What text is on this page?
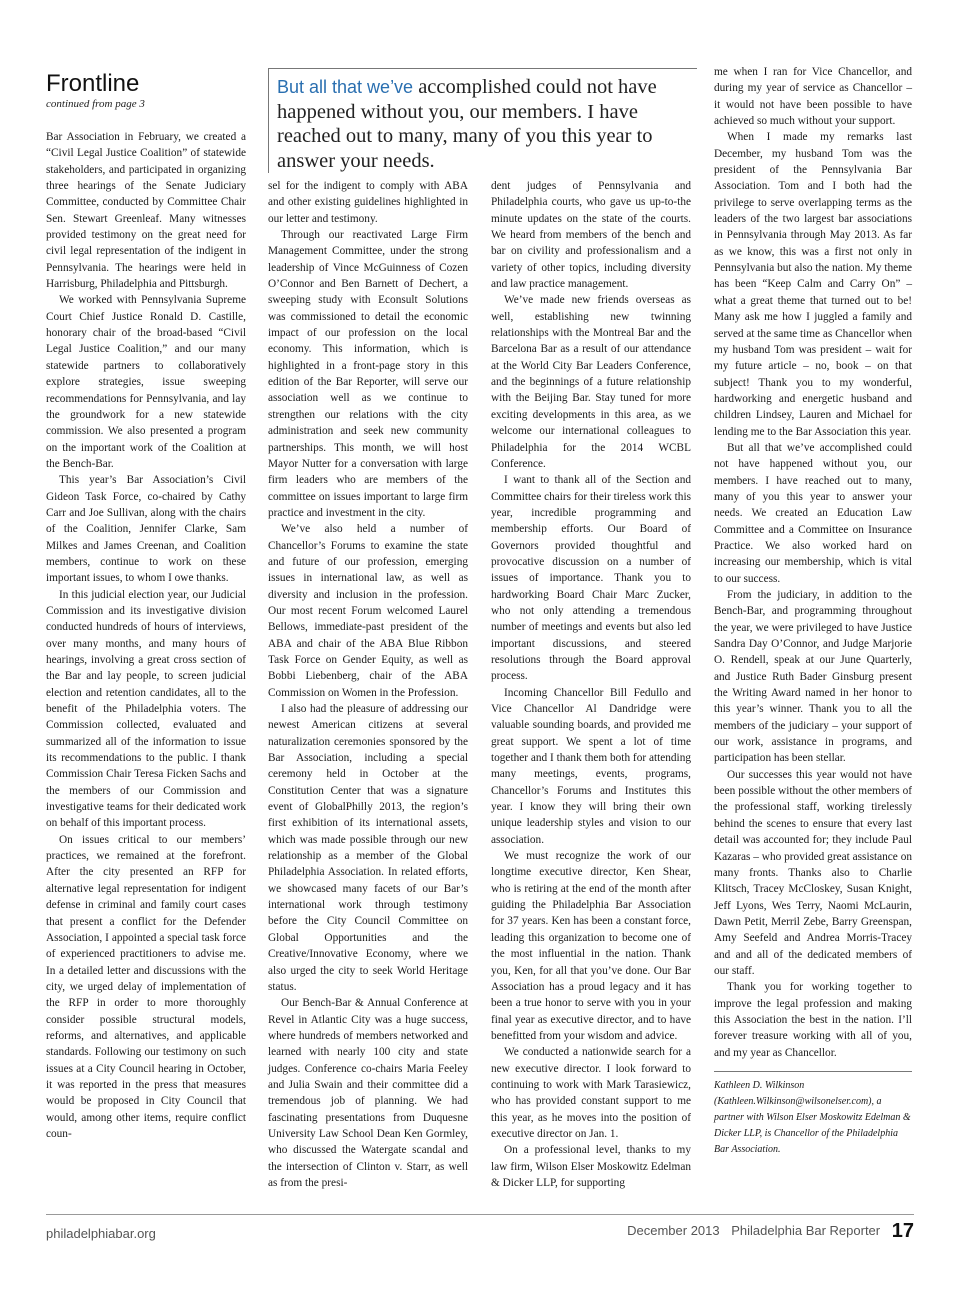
Frontline
continued from page 3
But all that we’ve accomplished could not have happened without you, our members. I have reached out to many, many of you this year to answer your needs.

Bar Association in February, we created a “Civil Legal Justice Coalition” of statewide stakeholders, and participated in organizing three hearings of the Senate Judiciary Committee, conducted by Committee Chair Sen. Stewart Greenleaf. Many witnesses provided testimony on the great need for civil legal representation of the indigent in Pennsylvania. The hearings were held in Harrisburg, Philadelphia and Pittsburgh.

We worked with Pennsylvania Supreme Court Chief Justice Ronald D. Castille, honorary chair of the broad-based “Civil Legal Justice Coalition,” and our many statewide partners to collaboratively explore strategies, issue sweeping recommendations for Pennsylvania, and lay the groundwork for a new statewide commission. We also presented a program on the important work of the Coalition at the Bench-Bar.

This year’s Bar Association’s Civil Gideon Task Force, co-chaired by Cathy Carr and Joe Sullivan, along with the chairs of the Coalition, Jennifer Clarke, Sam Milkes and James Creenan, and Coalition members, continue to work on these important issues, to whom I owe thanks.

In this judicial election year, our Judicial Commission and its investigative division conducted hundreds of hours of interviews, over many months, and many hours of hearings, involving a great cross section of the Bar and lay people, to screen judicial election and retention candidates, all to the benefit of the Philadelphia voters. The Commission collected, evaluated and summarized all of the information to issue its recommendations to the public. I thank Commission Chair Teresa Ficken Sachs and the members of our Commission and investigative teams for their dedicated work on behalf of this important process.

On issues critical to our members’ practices, we remained at the forefront. After the city presented an RFP for alternative legal representation for indigent defense in criminal and family court cases that present a conflict for the Defender Association, I appointed a special task force of experienced practitioners to advise me. In a detailed letter and discussions with the city, we urged delay of implementation of the RFP in order to more thoroughly consider possible structural models, reforms, and alternatives, and applicable standards. Following our testimony on such issues at a City Council hearing in October, it was reported in the press that measures would be proposed in City Council that would, among other items, require conflict coun-

sel for the indigent to comply with ABA and other existing guidelines highlighted in our letter and testimony.

Through our reactivated Large Firm Management Committee, under the strong leadership of Vince McGuinness of Cozen O’Connor and Ben Barnett of Dechert, a sweeping study with Econsult Solutions was commissioned to detail the economic impact of our profession on the local economy. This information, which is highlighted in a front-page story in this edition of the Bar Reporter, will serve our association well as we continue to strengthen our relations with the city administration and seek new community partnerships. This month, we will host Mayor Nutter for a conversation with large firm leaders who are members of the committee on issues important to large firm practice and investment in the city.

We’ve also held a number of Chancellor’s Forums to examine the state and future of our profession, emerging issues in international law, as well as diversity and inclusion in the profession. Our most recent Forum welcomed Laurel Bellows, immediate-past president of the ABA and chair of the ABA Blue Ribbon Task Force on Gender Equity, as well as Bobbi Liebenberg, chair of the ABA Commission on Women in the Profession.

I also had the pleasure of addressing our newest American citizens at several naturalization ceremonies sponsored by the Bar Association, including a special ceremony held in October at the Constitution Center that was a signature event of GlobalPhilly 2013, the region’s first exhibition of its international assets, which was made possible through our new relationship as a member of the Global Philadelphia Association. In related efforts, we showcased many facets of our Bar’s international work through testimony before the City Council Committee on Global Opportunities and the Creative/Innovative Economy, where we also urged the city to seek World Heritage status.

Our Bench-Bar & Annual Conference at Revel in Atlantic City was a huge success, where hundreds of members networked and learned with nearly 100 city and state judges. Conference co-chairs Maria Feeley and Julia Swain and their committee did a tremendous job of planning. We had fascinating presentations from Duquesne University Law School Dean Ken Gormley, who discussed the Watergate scandal and the intersection of Clinton v. Starr, as well as from the presi-

dent judges of Pennsylvania and Philadelphia courts, who gave us up-to-the minute updates on the state of the courts. We heard from members of the bench and bar on civility and professionalism and a variety of other topics, including diversity and law practice management.

We’ve made new friends overseas as well, establishing new twinning relationships with the Montreal Bar and the Barcelona Bar as a result of our attendance at the World City Bar Leaders Conference, and the beginnings of a future relationship with the Beijing Bar. Stay tuned for more exciting developments in this area, as we welcome our international colleagues to Philadelphia for the 2014 WCBL Conference.

I want to thank all of the Section and Committee chairs for their tireless work this year, incredible programming and membership efforts. Our Board of Governors provided thoughtful and provocative discussion on a number of issues of importance. Thank you to hardworking Board Chair Marc Zucker, who not only attending a tremendous number of meetings and events but also led important discussions, and steered resolutions through the Board approval process.

Incoming Chancellor Bill Fedullo and Vice Chancellor Al Dandridge were valuable sounding boards, and provided me great support. We spent a lot of time together and I thank them both for attending many meetings, events, programs, Chancellor’s Forums and Institutes this year. I know they will bring their own unique leadership styles and vision to our association.

We must recognize the work of our longtime executive director, Ken Shear, who is retiring at the end of the month after guiding the Philadelphia Bar Association for 37 years. Ken has been a constant force, leading this organization to become one of the most influential in the nation. Thank you, Ken, for all that you’ve done. Our Bar Association has a proud legacy and it has been a true honor to serve with you in your final year as executive director, and to have benefitted from your wisdom and advice.

We conducted a nationwide search for a new executive director. I look forward to continuing to work with Mark Tarasiewicz, who has provided constant support to me this year, as he moves into the position of executive director on Jan. 1.

On a professional level, thanks to my law firm, Wilson Elser Moskowitz Edelman & Dicker LLP, for supporting

me when I ran for Vice Chancellor, and during my year of service as Chancellor – it would not have been possible to have achieved so much without your support.

When I made my remarks last December, my husband Tom was the president of the Pennsylvania Bar Association. Tom and I both had the privilege to serve overlapping terms as the leaders of the two largest bar associations in Pennsylvania through May 2013. As far as we know, this was a first not only in Pennsylvania but also the nation. My theme has been “Keep Calm and Carry On” – what a great theme that turned out to be! Many ask me how I juggled a family and served at the same time as Chancellor when my husband Tom was president – wait for my future article – no, book – on that subject! Thank you to my wonderful, hardworking and energetic husband and children Lindsey, Lauren and Michael for lending me to the Bar Association this year.

But all that we’ve accomplished could not have happened without you, our members. I have reached out to many, many of you this year to answer your needs. We created an Education Law Committee and a Committee on Insurance Practice. We also worked hard on increasing our membership, which is vital to our success.

From the judiciary, in addition to the Bench-Bar, and programming throughout the year, we were privileged to have Justice Sandra Day O’Connor, and Judge Marjorie O. Rendell, speak at our June Quarterly, and Justice Ruth Bader Ginsburg present the Writing Award named in her honor to this year’s winner. Thank you to all the members of the judiciary – your support of our work, assistance in programs, and participation has been stellar.

Our successes this year would not have been possible without the other members of the professional staff, working tirelessly behind the scenes to ensure that every last detail was accounted for; they include Paul Kazaras – who provided great assistance on many fronts. Thanks also to Charlie Klitsch, Tracey McCloskey, Susan Knight, Jeff Lyons, Wes Terry, Naomi McLaurin, Dawn Petit, Merril Zebe, Barry Greenspan, Amy Seefeld and Andrea Morris-Tracey and and all of the dedicated members of our staff.

Thank you for working together to improve the legal profession and making this Association the best in the nation. I’ll forever treasure working with all of you, and my year as Chancellor.

Kathleen D. Wilkinson (Kathleen.Wilkinson@wilsonelser.com), a partner with Wilson Elser Moskowitz Edelman & Dicker LLP, is Chancellor of the Philadelphia Bar Association.
philadelphiabar.org	December 2013 Philadelphia Bar Reporter 17
